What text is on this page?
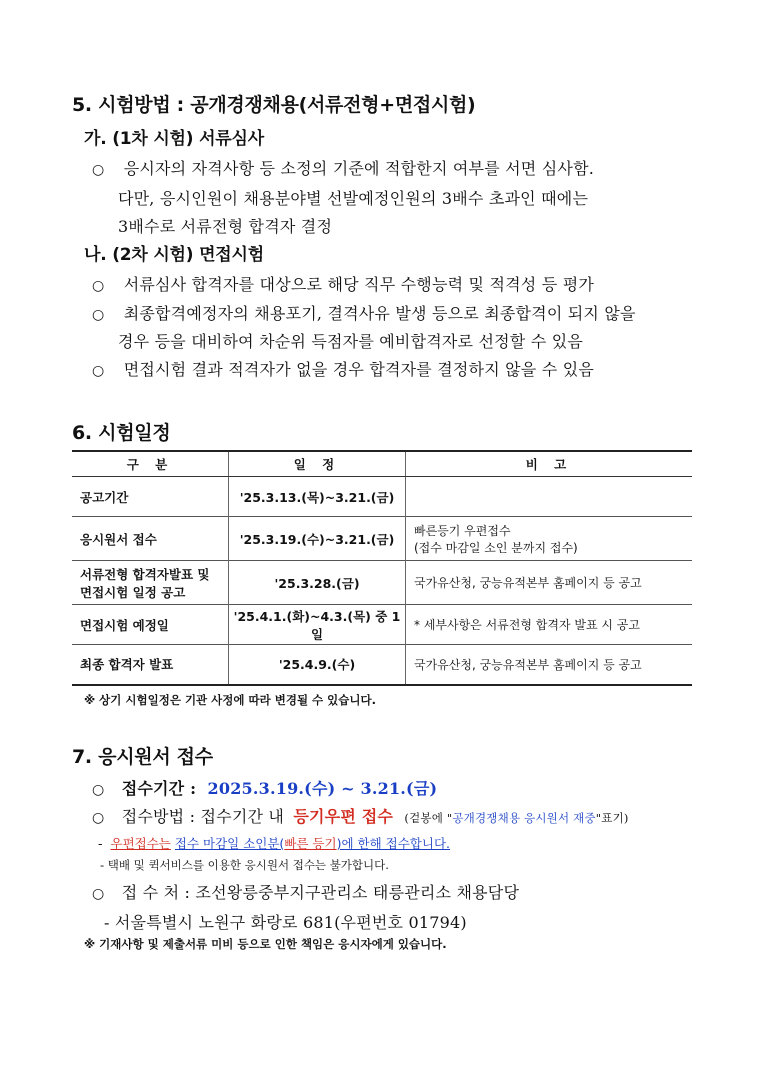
5. 시험방법 : 공개경쟁채용(서류전형+면접시험)
가. (1차 시험) 서류심사
○ 응시자의 자격사항 등 소정의 기준에 적합한지 여부를 서면 심사함.
다만, 응시인원이 채용분야별 선발예정인원의 3배수 초과인 때에는
3배수로 서류전형 합격자 결정
나. (2차 시험) 면접시험
○ 서류심사 합격자를 대상으로 해당 직무 수행능력 및 적격성 등 평가
○ 최종합격예정자의 채용포기, 결격사유 발생 등으로 최종합격이 되지 않을
경우 등을 대비하여 차순위 득점자를 예비합격자로 선정할 수 있음
○ 면접시험 결과 적격자가 없을 경우 합격자를 결정하지 않을 수 있음
6. 시험일정
구 분	일 정	비 고
공고기간	'25.3.13.(목)~3.21.(금)	
응시원서 접수	'25.3.19.(수)~3.21.(금)	빠른등기 우편접수
(접수 마감일 소인 분까지 접수)

서류전형 합격자발표 및
면접시험 일정 공고	'25.3.28.(금)	국가유산청, 궁능유적본부 홈페이지 등 공고
면접시험 예정일	'25.4.1.(화)~4.3.(목) 중 1일	* 세부사항은 서류전형 합격자 발표 시 공고
최종 합격자 발표	'25.4.9.(수)	국가유산청, 궁능유적본부 홈페이지 등 공고
※ 상기 시험일정은 기관 사정에 따라 변경될 수 있습니다.
7. 응시원서 접수
○ 접수기간 : 2025.3.19.(수) ~ 3.21.(금)
○ 접수방법 : 접수기간 내 등기우편 접수 (겉봉에 "공개경쟁채용 응시원서 재중"표기)
- 우편접수는 접수 마감일 소인분(빠른 등기)에 한해 접수합니다.
- 택배 및 퀵서비스를 이용한 응시원서 접수는 불가합니다.
○ 접 수 처 : 조선왕릉중부지구관리소 태릉관리소 채용담당
- 서울특별시 노원구 화랑로 681(우편번호 01794)
※ 기재사항 및 제출서류 미비 등으로 인한 책임은 응시자에게 있습니다.
